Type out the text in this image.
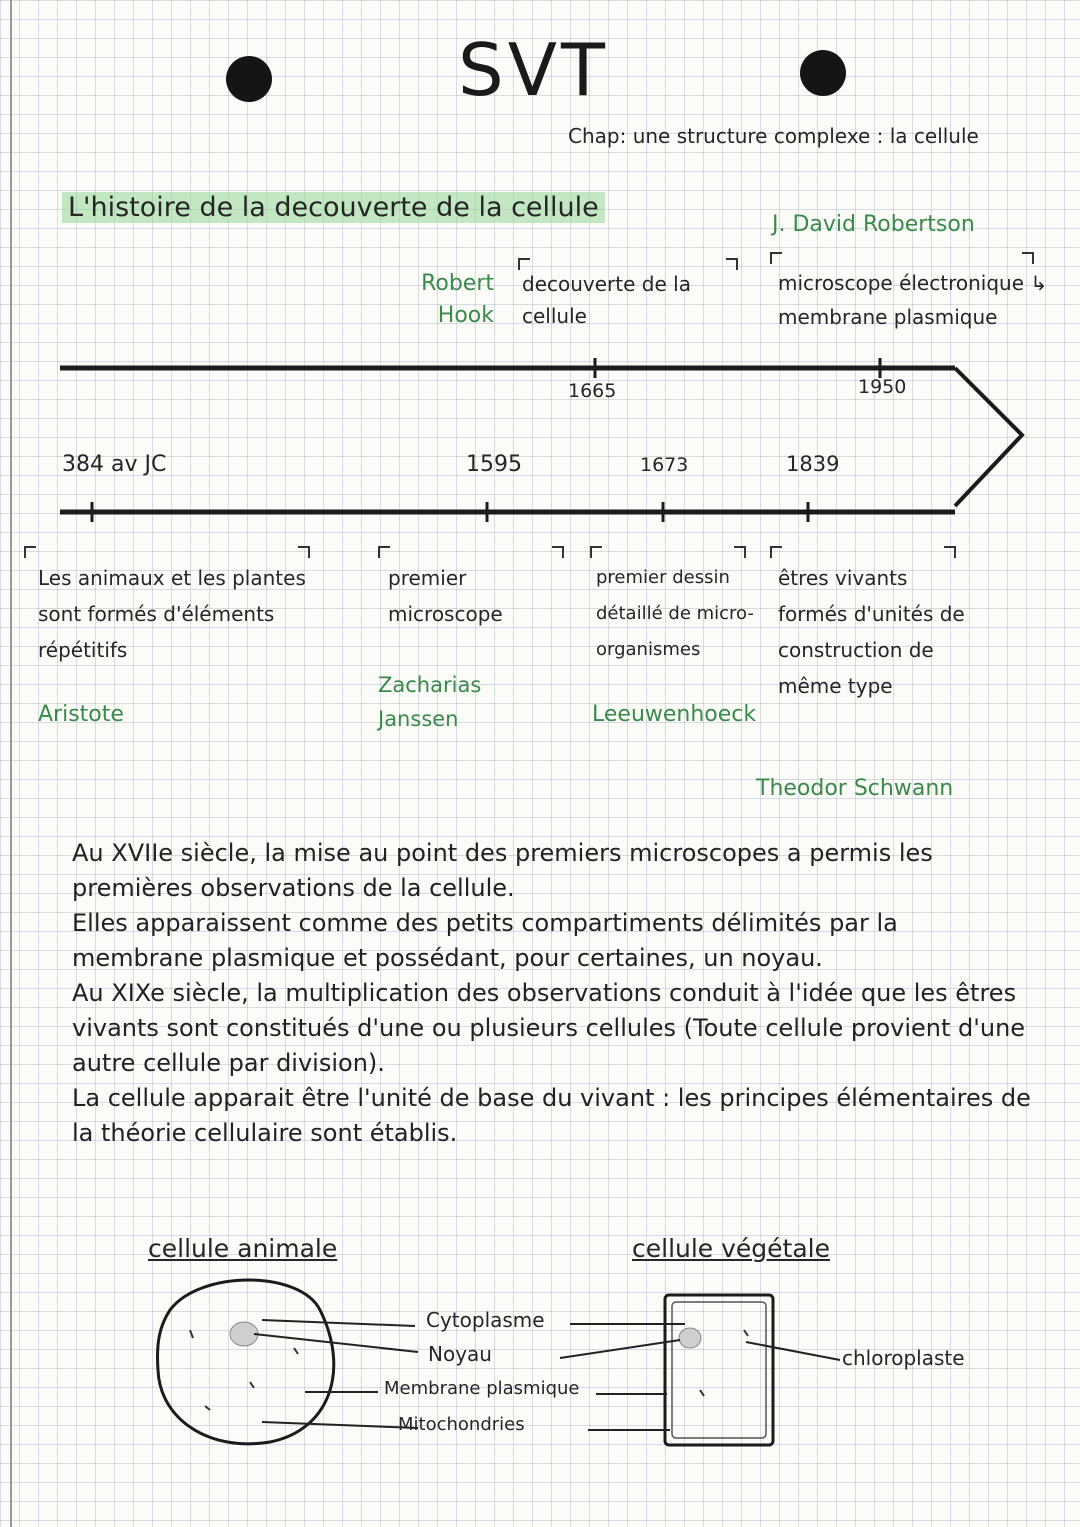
SVT
Chap: une structure complexe : la cellule
L'histoire de la decouverte de la cellule
1665	1950
384 av JC	1595	1673	1839
Robert Hook
decouverte de la cellule
J. David Robertson
microscope électronique ↳ membrane plasmique
Les animaux et les plantes sont formés d'éléments répétitifs
Aristote
premier microscope
Zacharias Janssen
premier dessin détaillé de micro-organismes
Leeuwenhoeck
êtres vivants formés d'unités de construction de même type
Theodor Schwann

Au XVIIe siècle, la mise au point des premiers microscopes a permis les premières observations de la cellule.

Elles apparaissent comme des petits compartiments délimités par la membrane plasmique et possédant, pour certaines, un noyau.

Au XIXe siècle, la multiplication des observations conduit à l'idée que les êtres vivants sont constitués d'une ou plusieurs cellules (Toute cellule provient d'une autre cellule par division).

La cellule apparait être l'unité de base du vivant : les principes élémentaires de la théorie cellulaire sont établis.

cellule animale	cellule végétale
Cytoplasme
Noyau
Membrane plasmique
Mitochondries
chloroplaste
